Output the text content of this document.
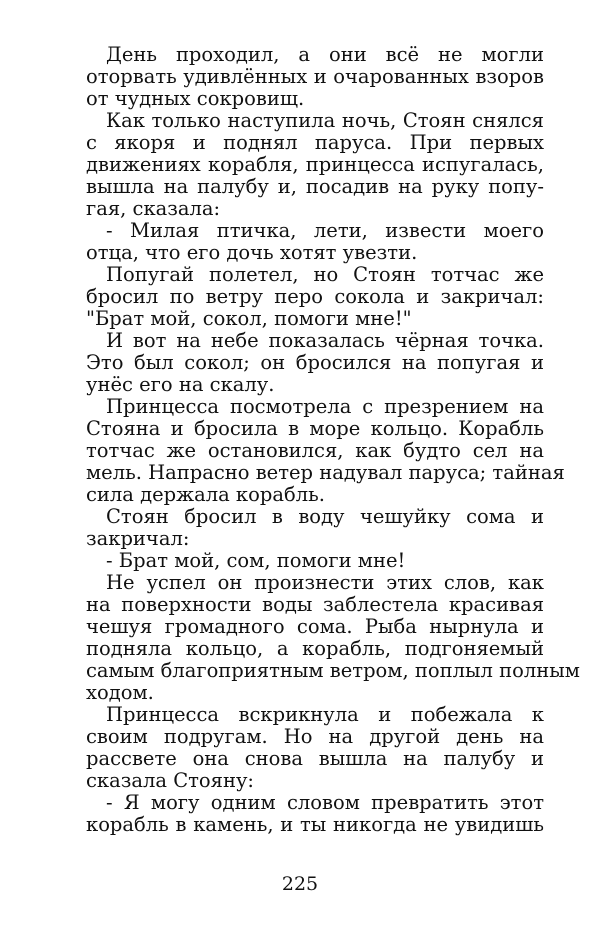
День проходил, а они всё не могли
оторвать удивлённых и очарованных взоров
от чудных сокровищ.
Как только наступила ночь, Стоян снялся
с якоря и поднял паруса. При первых
движениях корабля, принцесса испугалась,
вышла на палубу и, посадив на руку попу-
гая, сказала:
- Милая птичка, лети, извести моего
отца, что его дочь хотят увезти.
Попугай полетел, но Стоян тотчас же
бросил по ветру перо сокола и закричал:
"Брат мой, сокол, помоги мне!"
И вот на небе показалась чёрная точка.
Это был сокол; он бросился на попугая и
унёс его на скалу.
Принцесса посмотрела с презрением на
Стояна и бросила в море кольцо. Корабль
тотчас же остановился, как будто сел на
мель. Напрасно ветер надувал паруса; тайная
сила держала корабль.
Стоян бросил в воду чешуйку сома и
закричал:
- Брат мой, сом, помоги мне!
Не успел он произнести этих слов, как
на поверхности воды заблестела красивая
чешуя громадного сома. Рыба нырнула и
подняла кольцо, а корабль, подгоняемый
самым благоприятным ветром, поплыл полным
ходом.
Принцесса вскрикнула и побежала к
своим подругам. Но на другой день на
рассвете она снова вышла на палубу и
сказала Стояну:
- Я могу одним словом превратить этот
корабль в камень, и ты никогда не увидишь
225
